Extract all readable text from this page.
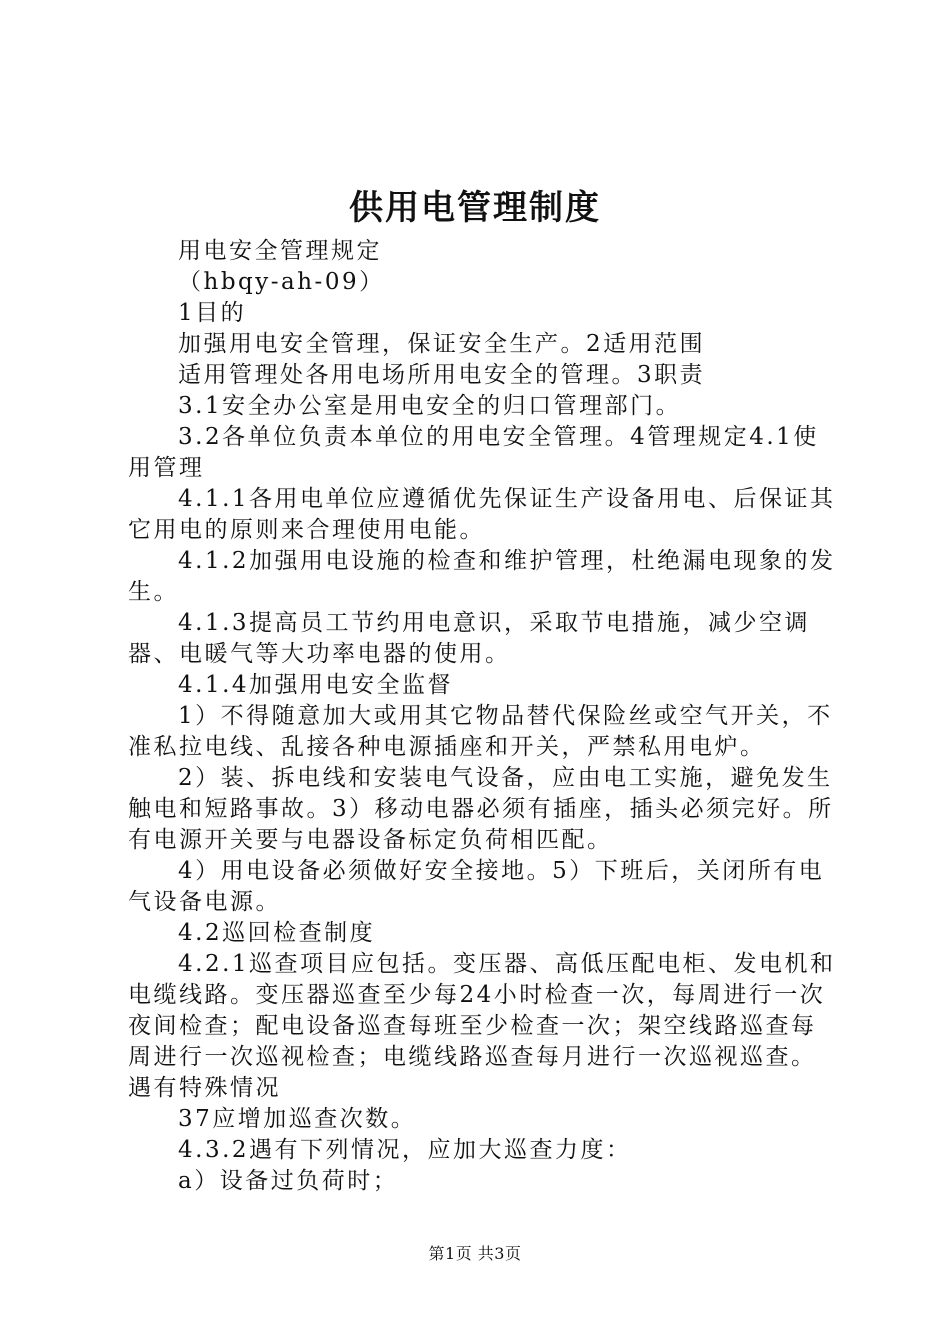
供用电管理制度

用电安全管理规定

（hbqy-ah-09）

1目的

加强用电安全管理，保证安全生产。2适用范围

适用管理处各用电场所用电安全的管理。3职责

3.1安全办公室是用电安全的归口管理部门。

3.2各单位负责本单位的用电安全管理。4管理规定4.1使用管理

4.1.1各用电单位应遵循优先保证生产设备用电、后保证其它用电的原则来合理使用电能。

4.1.2加强用电设施的检查和维护管理，杜绝漏电现象的发生。

4.1.3提高员工节约用电意识，采取节电措施，减少空调器、电暖气等大功率电器的使用。

4.1.4加强用电安全监督

1）不得随意加大或用其它物品替代保险丝或空气开关，不准私拉电线、乱接各种电源插座和开关，严禁私用电炉。

2）装、拆电线和安装电气设备，应由电工实施，避免发生触电和短路事故。3）移动电器必须有插座，插头必须完好。所有电源开关要与电器设备标定负荷相匹配。

4）用电设备必须做好安全接地。5）下班后，关闭所有电气设备电源。

4.2巡回检查制度

4.2.1巡查项目应包括。变压器、高低压配电柜、发电机和电缆线路。变压器巡查至少每24小时检查一次，每周进行一次夜间检查；配电设备巡查每班至少检查一次；架空线路巡查每周进行一次巡视检查；电缆线路巡查每月进行一次巡视巡查。遇有特殊情况

37应增加巡查次数。

4.3.2遇有下列情况，应加大巡查力度：

a）设备过负荷时；

第1页 共3页
